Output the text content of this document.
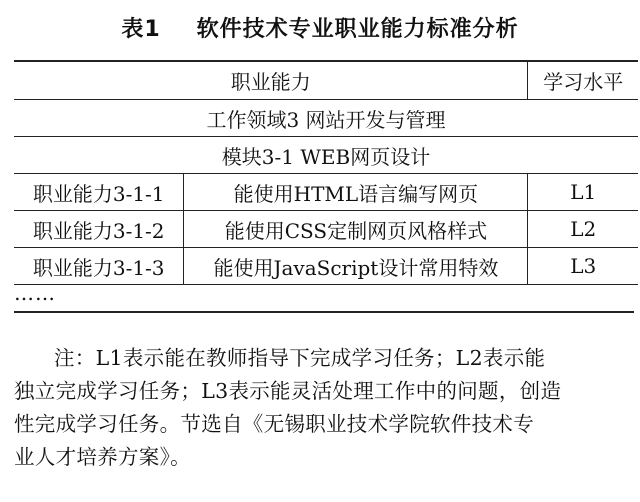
表1 软件技术专业职业能力标准分析
职业能力		学习水平
工作领域3 网站开发与管理		
模块3-1 WEB网页设计		
职业能力3-1-1	能使用HTML语言编写网页	L1
职业能力3-1-2	能使用CSS定制网页风格样式	L2
职业能力3-1-3	能使用JavaScript设计常用特效	L3
……

注：L1表示能在教师指导下完成学习任务；L2表示能

独立完成学习任务；L3表示能灵活处理工作中的问题，创造

性完成学习任务。节选自《无锡职业技术学院软件技术专

业人才培养方案》。
